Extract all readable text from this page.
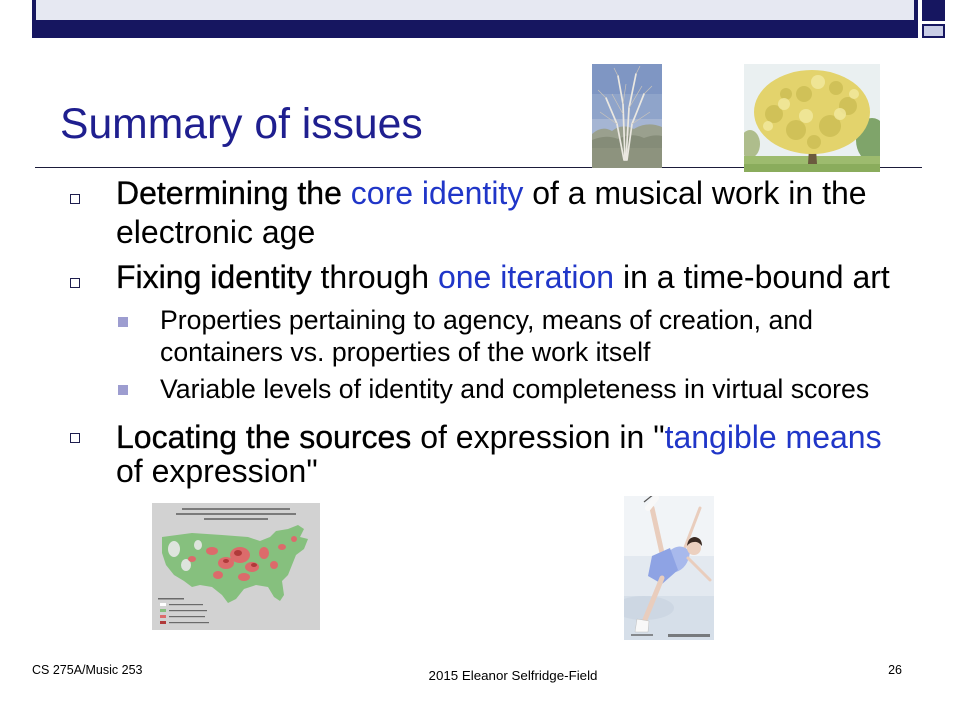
Summary of issues
Determining the core identity of a musical work in the electronic age
Fixing identity through one iteration in a time-bound art
Properties pertaining to agency, means of creation, and containers vs. properties of the work itself
Variable levels of identity and completeness in virtual scores
Locating the sources of expression in "tangible means of expression"
CS 275A/Music 253	2015 Eleanor Selfridge-Field	26
